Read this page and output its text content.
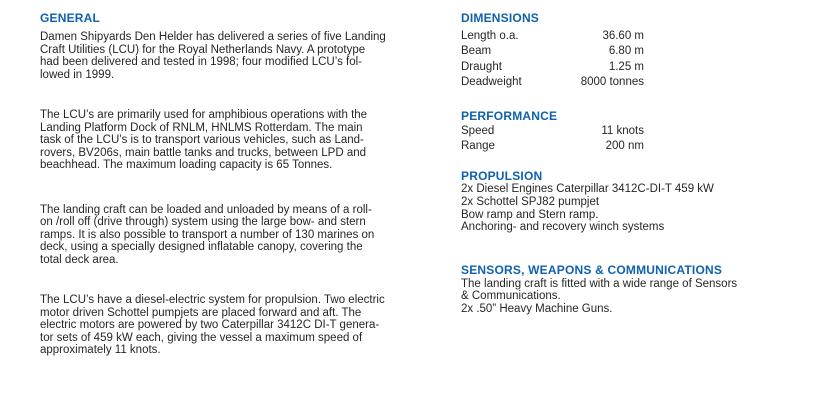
GENERAL
Damen Shipyards Den Helder has delivered a series of five Landing
Craft Utilities (LCU) for the Royal Netherlands Navy. A prototype
had been delivered and tested in 1998; four modified LCU’s fol-
lowed in 1999.
The LCU’s are primarily used for amphibious operations with the
Landing Platform Dock of RNLM, HNLMS Rotterdam. The main
task of the LCU’s is to transport various vehicles, such as Land-
rovers, BV206s, main battle tanks and trucks, between LPD and
beachhead. The maximum loading capacity is 65 Tonnes.
The landing craft can be loaded and unloaded by means of a roll-
on /roll off (drive through) system using the large bow- and stern
ramps. It is also possible to transport a number of 130 marines on
deck, using a specially designed inflatable canopy, covering the
total deck area.
The LCU’s have a diesel-electric system for propulsion. Two electric
motor driven Schottel pumpjets are placed forward and aft. The
electric motors are powered by two Caterpillar 3412C DI-T genera-
tor sets of 459 kW each, giving the vessel a maximum speed of
approximately 11 knots.
DIMENSIONS
Length o.a.	36.60 m
Beam	6.80 m
Draught	1.25 m
Deadweight	8000 tonnes
PERFORMANCE
Speed	11 knots
Range	200 nm
PROPULSION
2x Diesel Engines Caterpillar 3412C-DI-T 459 kW
2x Schottel SPJ82 pumpjet
Bow ramp and Stern ramp.
Anchoring- and recovery winch systems
SENSORS, WEAPONS & COMMUNICATIONS
The landing craft is fitted with a wide range of Sensors
& Communications.
2x .50” Heavy Machine Guns.
